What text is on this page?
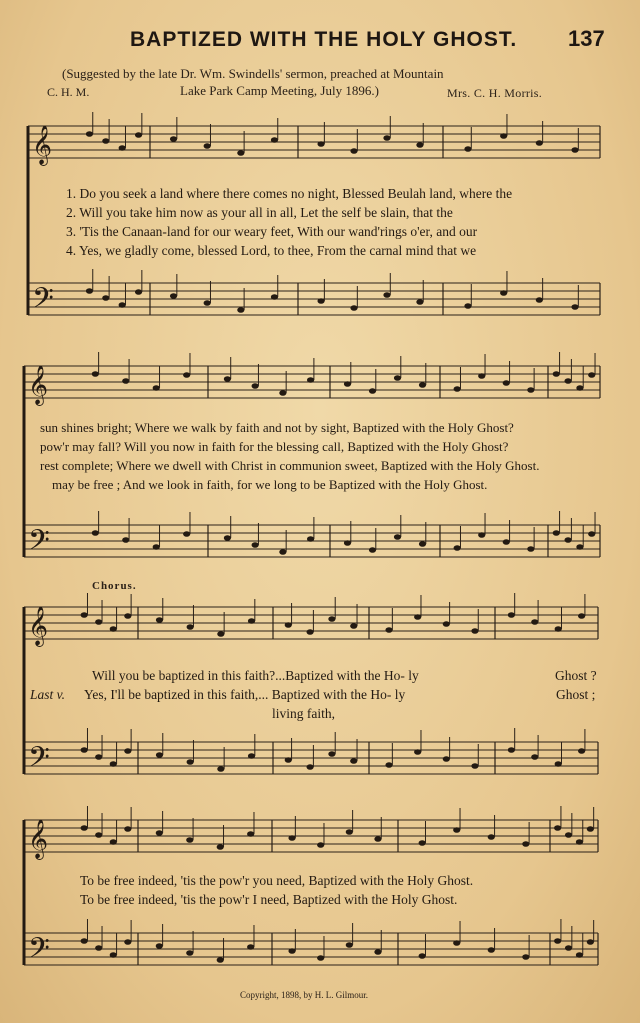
BAPTIZED WITH THE HOLY GHOST. 137
(Suggested by the late Dr. Wm. Swindells' sermon, preached at Mountain
C. H. M.	Lake Park Camp Meeting, July 1896.)	Mrs. C. H. Morris.
𝄞
𝄢
𝄞
𝄢
𝄞
𝄢
𝄞
𝄢
1. Do you seek a land where there comes no night, Blessed Beulah land, where the
2. Will you take him now as your all in all, Let the self be slain, that the
3. 'Tis the Canaan-land for our weary feet, With our wand'rings o'er, and our
4. Yes, we gladly come, blessed Lord, to thee, From the carnal mind that we
sun shines bright; Where we walk by faith and not by sight, Baptized with the Holy Ghost?
pow'r may fall? Will you now in faith for the blessing call, Baptized with the Holy Ghost?
rest complete; Where we dwell with Christ in communion sweet, Baptized with the Holy Ghost.
may be free ; And we look in faith, for we long to be Baptized with the Holy Ghost.
Chorus.
Will you be baptized in this faith?...Baptized with the Ho- ly	Ghost ?
Last v. Yes, I'll be baptized in this faith,... Baptized with the Ho- ly	Ghost ;
living faith,
To be free indeed, 'tis the pow'r you need, Baptized with the Holy Ghost.
To be free indeed, 'tis the pow'r I need, Baptized with the Holy Ghost.
Copyright, 1898, by H. L. Gilmour.
